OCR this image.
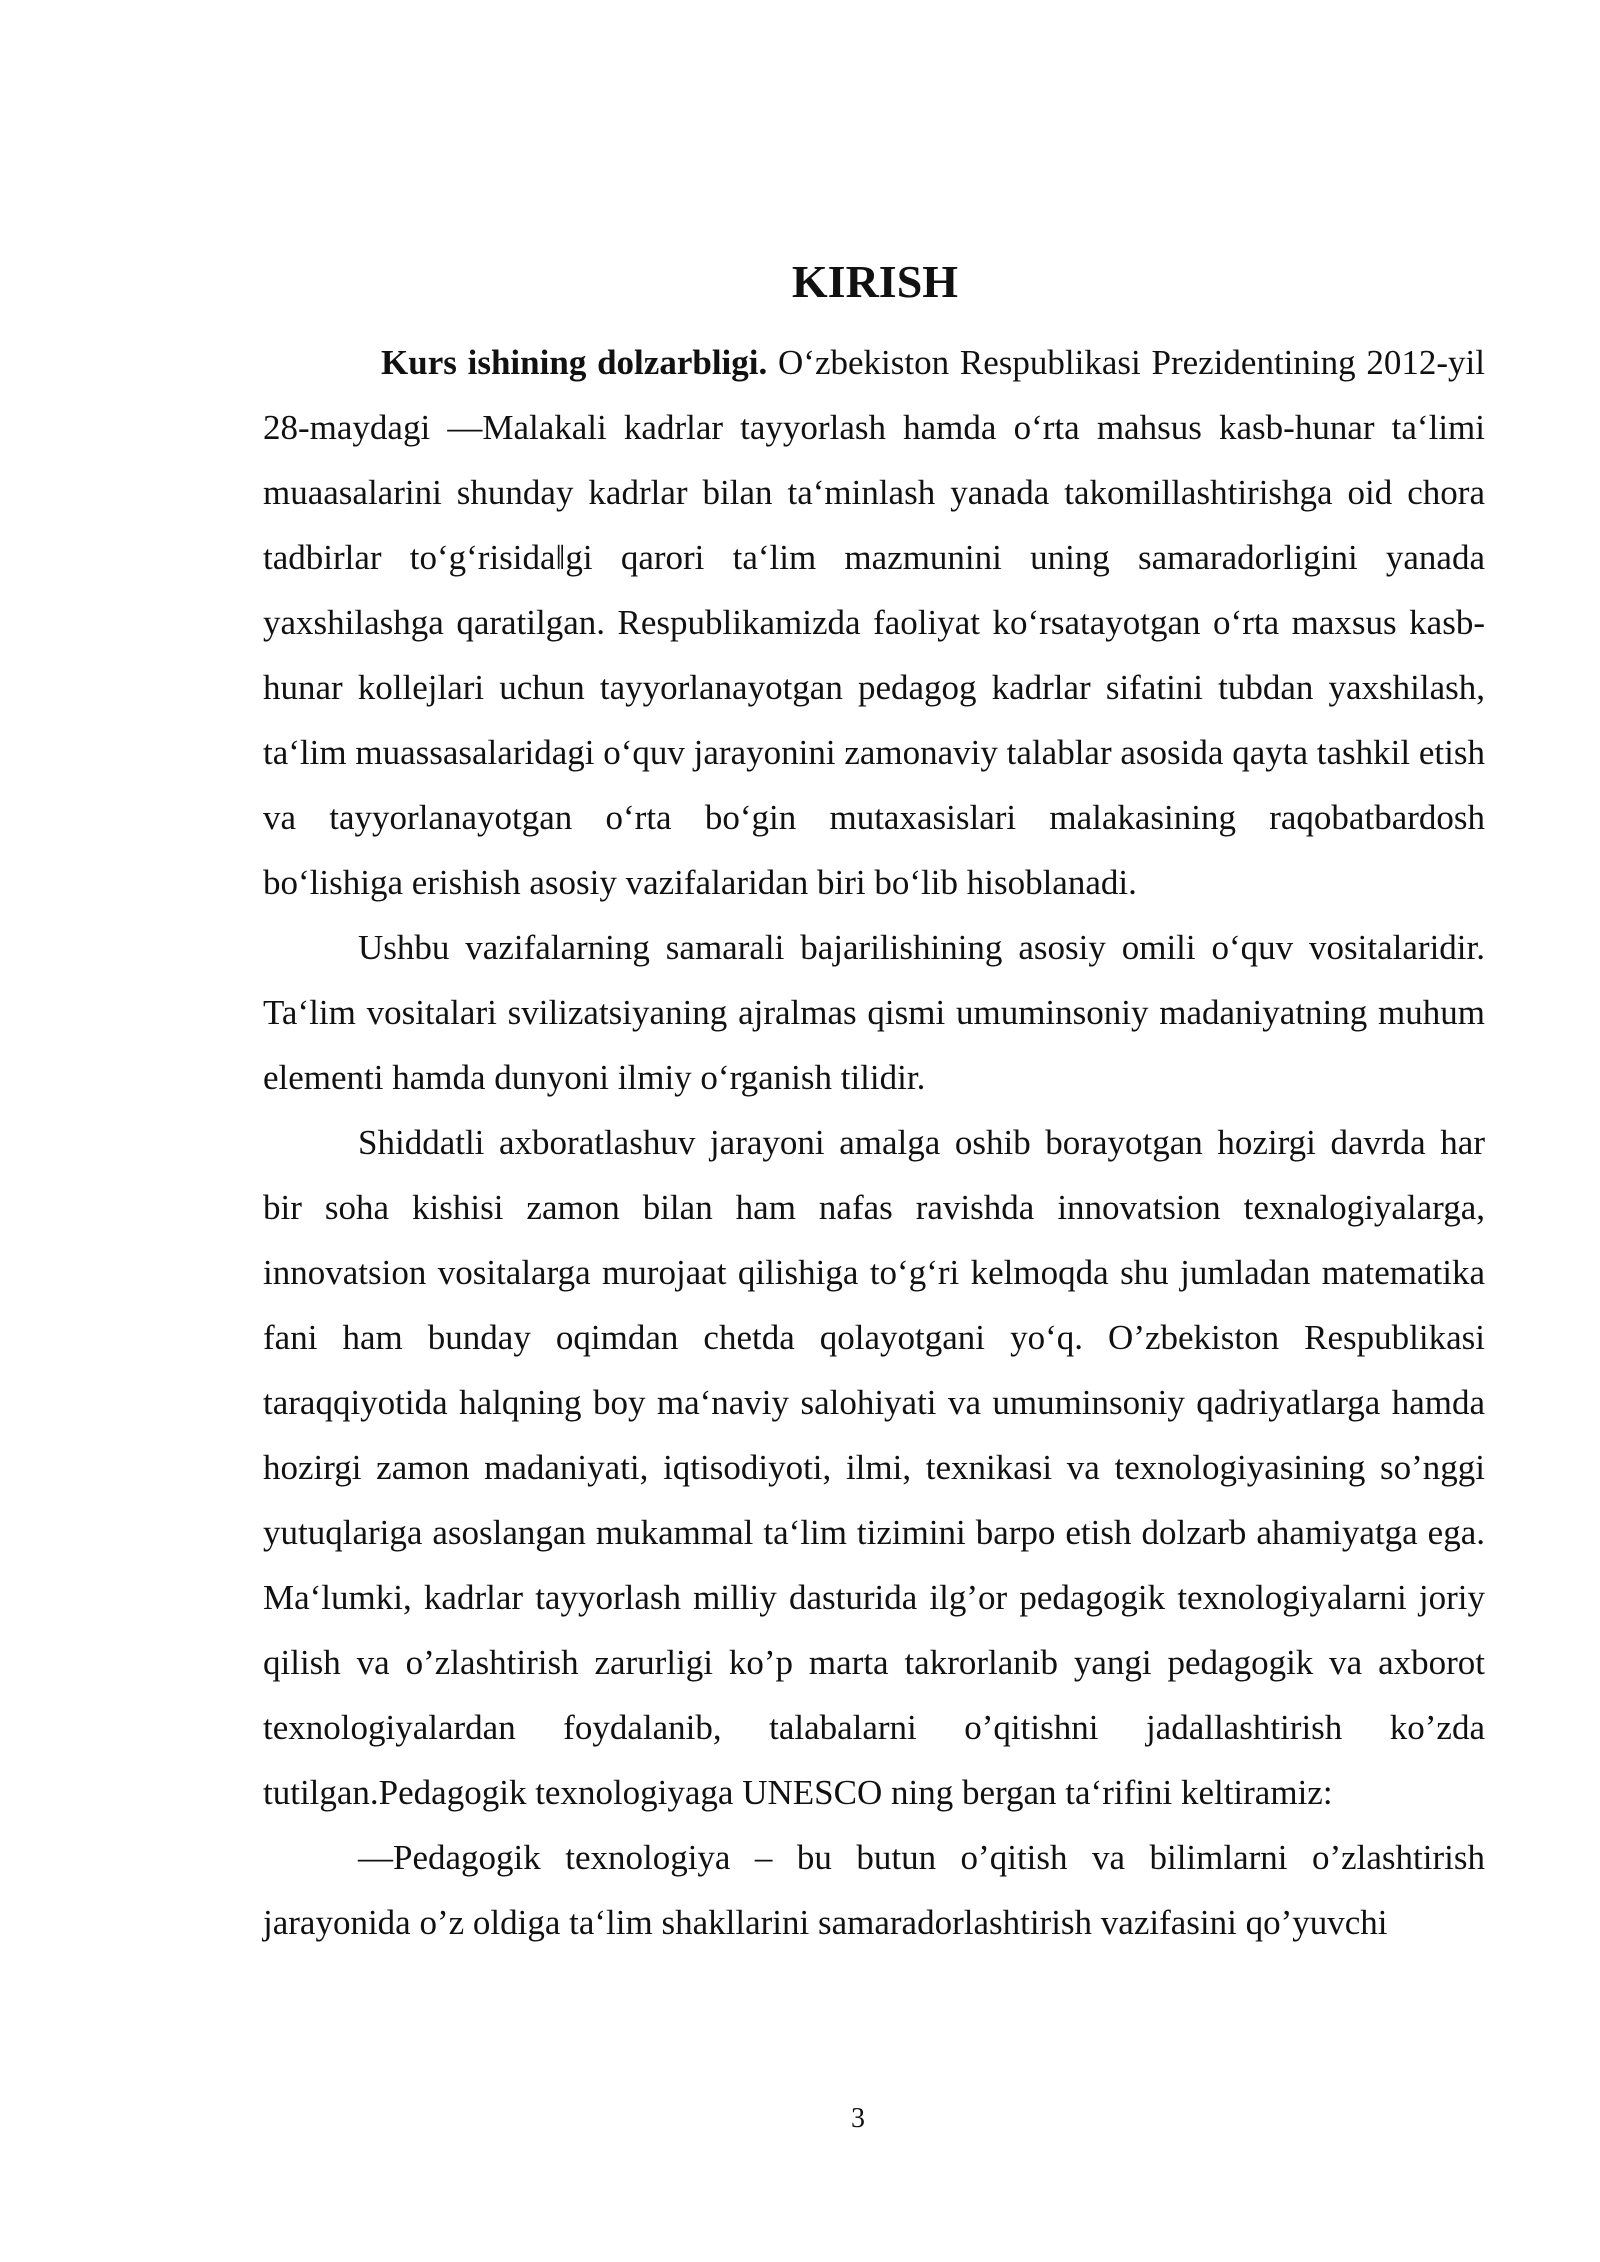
KIRISH

Kurs ishining dolzarbligi. O‘zbekiston Respublikasi Prezidentining 2012-yil 28-maydagi ―Malakali kadrlar tayyorlash hamda o‘rta mahsus kasb-hunar ta‘limi muaasalarini shunday kadrlar bilan ta‘minlash yanada takomillashtirishga oid chora tadbirlar to‘g‘risida‖gi qarori ta‘lim mazmunini uning samaradorligini yanada yaxshilashga qaratilgan. Respublikamizda faoliyat ko‘rsatayotgan o‘rta maxsus kasb-hunar kollejlari uchun tayyorlanayotgan pedagog kadrlar sifatini tubdan yaxshilash, ta‘lim muassasalaridagi o‘quv jarayonini zamonaviy talablar asosida qayta tashkil etish va tayyorlanayotgan o‘rta bo‘gin mutaxasislari malakasining raqobatbardosh bo‘lishiga erishish asosiy vazifalaridan biri bo‘lib hisoblanadi.

Ushbu vazifalarning samarali bajarilishining asosiy omili o‘quv vositalaridir. Ta‘lim vositalari svilizatsiyaning ajralmas qismi umuminsoniy madaniyatning muhum elementi hamda dunyoni ilmiy o‘rganish tilidir.

Shiddatli axboratlashuv jarayoni amalga oshib borayotgan hozirgi davrda har bir soha kishisi zamon bilan ham nafas ravishda innovatsion texnalogiyalarga, innovatsion vositalarga murojaat qilishiga to‘g‘ri kelmoqda shu jumladan matematika fani ham bunday oqimdan chetda qolayotgani yo‘q. O’zbekiston Respublikasi taraqqiyotida halqning boy ma‘naviy salohiyati va umuminsoniy qadriyatlarga hamda hozirgi zamon madaniyati, iqtisodiyoti, ilmi, texnikasi va texnologiyasining so’nggi yutuqlariga asoslangan mukammal ta‘lim tizimini barpo etish dolzarb ahamiyatga ega. Ma‘lumki, kadrlar tayyorlash milliy dasturida ilg’or pedagogik texnologiyalarni joriy qilish va o’zlashtirish zarurligi ko’p marta takrorlanib yangi pedagogik va axborot texnologiyalardan foydalanib, talabalarni o’qitishni jadallashtirish ko’zda tutilgan.Pedagogik texnologiyaga UNESCO ning bergan ta‘rifini keltiramiz:

―Pedagogik texnologiya – bu butun o’qitish va bilimlarni o’zlashtirish jarayonida o’z oldiga ta‘lim shakllarini samaradorlashtirish vazifasini qo’yuvchi

3
